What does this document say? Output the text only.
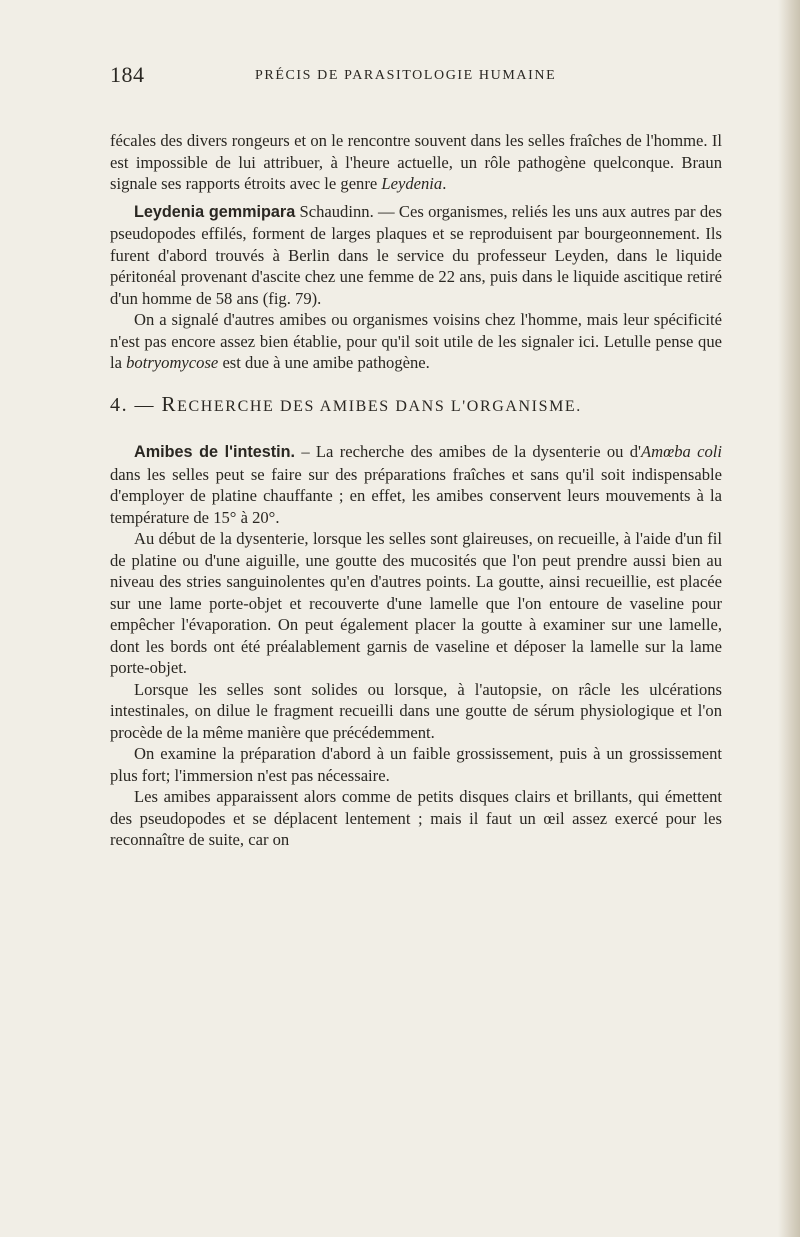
184	PRÉCIS DE PARASITOLOGIE HUMAINE

fécales des divers rongeurs et on le rencontre souvent dans les selles fraîches de l'homme. Il est impossible de lui attribuer, à l'heure actuelle, un rôle pathogène quelconque. Braun signale ses rapports étroits avec le genre Leydenia.

Leydenia gemmipara Schaudinn. — Ces organismes, reliés les uns aux autres par des pseudopodes effilés, forment de larges plaques et se reproduisent par bourgeonnement. Ils furent d'abord trouvés à Berlin dans le service du professeur Leyden, dans le liquide péritonéal provenant d'ascite chez une femme de 22 ans, puis dans le liquide ascitique retiré d'un homme de 58 ans (fig. 79).

On a signalé d'autres amibes ou organismes voisins chez l'homme, mais leur spécificité n'est pas encore assez bien établie, pour qu'il soit utile de les signaler ici. Letulle pense que la botryomycose est due à une amibe pathogène.

4. — RECHERCHE DES AMIBES DANS L'ORGANISME.

Amibes de l'intestin. – La recherche des amibes de la dysenterie ou d'Amœba coli dans les selles peut se faire sur des préparations fraîches et sans qu'il soit indispensable d'employer de platine chauffante ; en effet, les amibes conservent leurs mouvements à la température de 15° à 20°.

Au début de la dysenterie, lorsque les selles sont glaireuses, on recueille, à l'aide d'un fil de platine ou d'une aiguille, une goutte des mucosités que l'on peut prendre aussi bien au niveau des stries sanguinolentes qu'en d'autres points. La goutte, ainsi recueillie, est placée sur une lame porte-objet et recouverte d'une lamelle que l'on entoure de vaseline pour empêcher l'évaporation. On peut également placer la goutte à examiner sur une lamelle, dont les bords ont été préalablement garnis de vaseline et déposer la lamelle sur la lame porte-objet.

Lorsque les selles sont solides ou lorsque, à l'autopsie, on râcle les ulcérations intestinales, on dilue le fragment recueilli dans une goutte de sérum physiologique et l'on procède de la même manière que précédemment.

On examine la préparation d'abord à un faible grossissement, puis à un grossissement plus fort; l'immersion n'est pas nécessaire.

Les amibes apparaissent alors comme de petits disques clairs et brillants, qui émettent des pseudopodes et se déplacent lentement ; mais il faut un œil assez exercé pour les reconnaître de suite, car on
